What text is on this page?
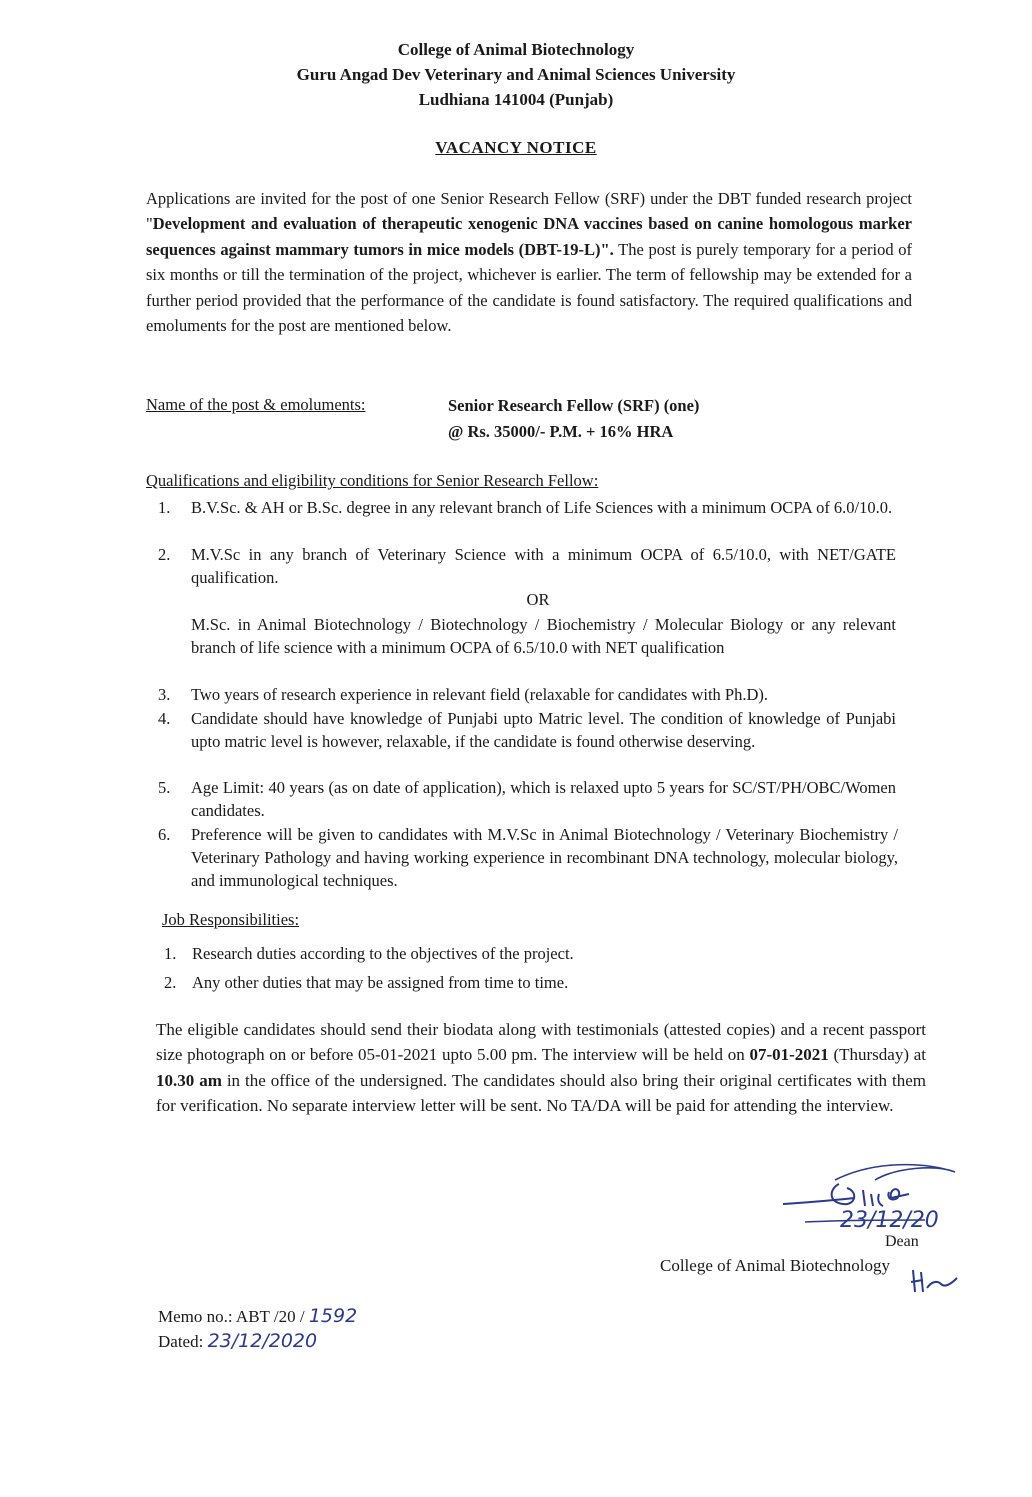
College of Animal Biotechnology
Guru Angad Dev Veterinary and Animal Sciences University
Ludhiana 141004 (Punjab)
VACANCY NOTICE
Applications are invited for the post of one Senior Research Fellow (SRF) under the DBT funded research project "Development and evaluation of therapeutic xenogenic DNA vaccines based on canine homologous marker sequences against mammary tumors in mice models (DBT-19-L)". The post is purely temporary for a period of six months or till the termination of the project, whichever is earlier. The term of fellowship may be extended for a further period provided that the performance of the candidate is found satisfactory. The required qualifications and emoluments for the post are mentioned below.
Name of the post & emoluments:	Senior Research Fellow (SRF) (one)
@ Rs. 35000/- P.M. + 16% HRA
Qualifications and eligibility conditions for Senior Research Fellow:
1. B.V.Sc. & AH or B.Sc. degree in any relevant branch of Life Sciences with a minimum OCPA of 6.0/10.0.
2. M.V.Sc in any branch of Veterinary Science with a minimum OCPA of 6.5/10.0, with NET/GATE qualification.
OR
M.Sc. in Animal Biotechnology / Biotechnology / Biochemistry / Molecular Biology or any relevant branch of life science with a minimum OCPA of 6.5/10.0 with NET qualification
3. Two years of research experience in relevant field (relaxable for candidates with Ph.D).
4. Candidate should have knowledge of Punjabi upto Matric level. The condition of knowledge of Punjabi upto matric level is however, relaxable, if the candidate is found otherwise deserving.
5. Age Limit: 40 years (as on date of application), which is relaxed upto 5 years for SC/ST/PH/OBC/Women candidates.
6. Preference will be given to candidates with M.V.Sc in Animal Biotechnology / Veterinary Biochemistry / Veterinary Pathology and having working experience in recombinant DNA technology, molecular biology, and immunological techniques.
Job Responsibilities:
1. Research duties according to the objectives of the project.
2. Any other duties that may be assigned from time to time.
The eligible candidates should send their biodata along with testimonials (attested copies) and a recent passport size photograph on or before 05-01-2021 upto 5.00 pm. The interview will be held on 07-01-2021 (Thursday) at 10.30 am in the office of the undersigned. The candidates should also bring their original certificates with them for verification. No separate interview letter will be sent. No TA/DA will be paid for attending the interview.
23/12/20
Dean
College of Animal Biotechnology
Memo no.: ABT /20 / 1592
Dated: 23/12/2020
